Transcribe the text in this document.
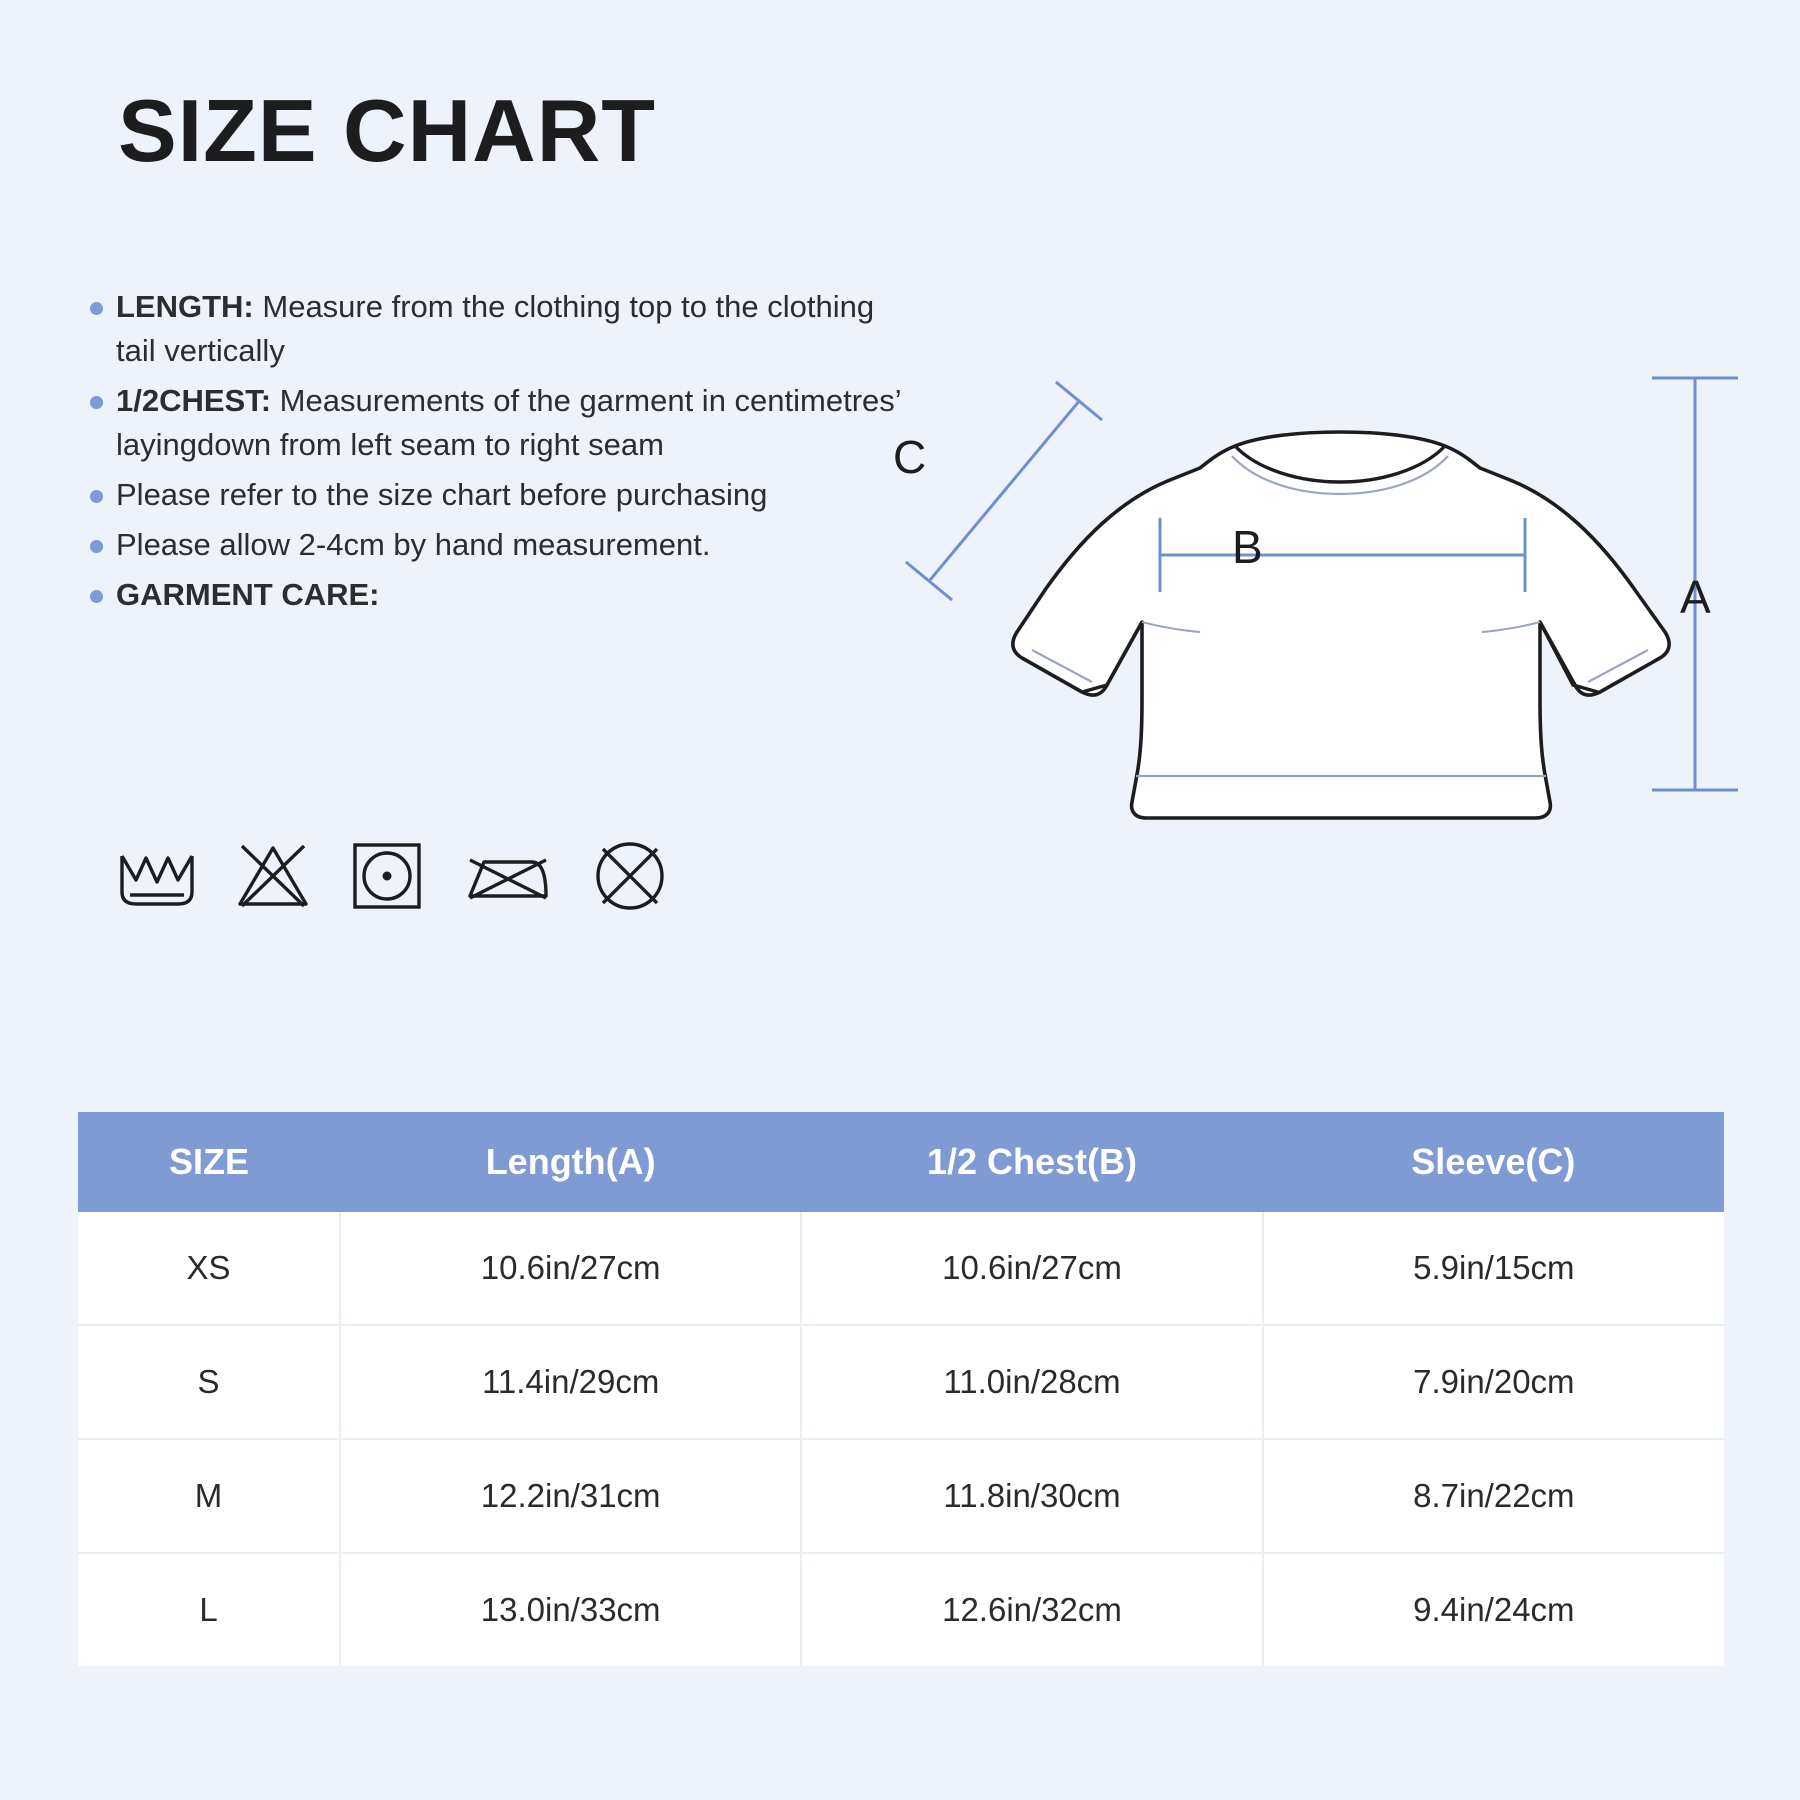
SIZE CHART
LENGTH: Measure from the clothing top to the clothing tail vertically
1/2CHEST: Measurements of the garment in centimetres’ layingdown from left seam to right seam
Please refer to the size chart before purchasing
Please allow 2-4cm by hand measurement.
GARMENT CARE:
C
B
A
SIZE	Length(A)	1/2 Chest(B)	Sleeve(C)
XS	10.6in/27cm	10.6in/27cm	5.9in/15cm
S	11.4in/29cm	11.0in/28cm	7.9in/20cm
M	12.2in/31cm	11.8in/30cm	8.7in/22cm
L	13.0in/33cm	12.6in/32cm	9.4in/24cm
